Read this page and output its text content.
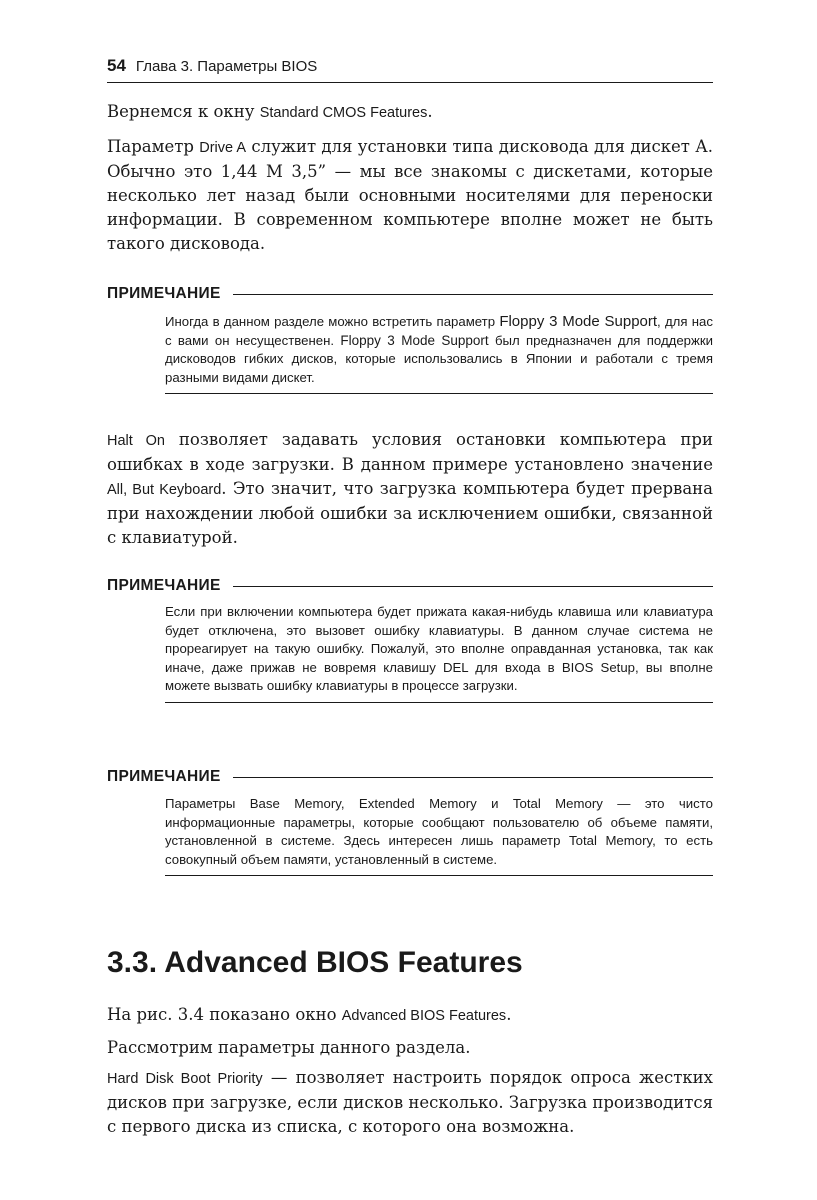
54 Глава 3. Параметры BIOS

Вернемся к окну Standard CMOS Features.

Параметр Drive A служит для установки типа дисковода для дискет А. Обычно это 1,44 М 3,5” — мы все знакомы с дискетами, которые несколько лет назад были основными носителями для переноски информации. В современном компьютере вполне может не быть такого дисковода.

ПРИМЕЧАНИЕ

Иногда в данном разделе можно встретить параметр Floppy 3 Mode Support, для нас с вами он несущественен. Floppy 3 Mode Support был предназначен для поддержки дисководов гибких дисков, которые использовались в Японии и работали с тремя разными видами дискет.

Halt On позволяет задавать условия остановки компьютера при ошибках в ходе загрузки. В данном примере установлено значение All, But Keyboard. Это значит, что загрузка компьютера будет прервана при нахождении любой ошибки за исключением ошибки, связанной с клавиатурой.

ПРИМЕЧАНИЕ

Если при включении компьютера будет прижата какая-нибудь клавиша или клавиатура будет отключена, это вызовет ошибку клавиатуры. В данном случае система не прореагирует на такую ошибку. Пожалуй, это вполне оправданная установка, так как иначе, даже прижав не вовремя клавишу DEL для входа в BIOS Setup, вы вполне можете вызвать ошибку клавиатуры в процессе загрузки.

ПРИМЕЧАНИЕ

Параметры Base Memory, Extended Memory и Total Memory — это чисто информационные параметры, которые сообщают пользователю об объеме памяти, установленной в системе. Здесь интересен лишь параметр Total Memory, то есть совокупный объем памяти, установленный в системе.

3.3. Advanced BIOS Features

На рис. 3.4 показано окно Advanced BIOS Features.

Рассмотрим параметры данного раздела.

Hard Disk Boot Priority — позволяет настроить порядок опроса жестких дисков при загрузке, если дисков несколько. Загрузка производится с первого диска из списка, с которого она возможна.
